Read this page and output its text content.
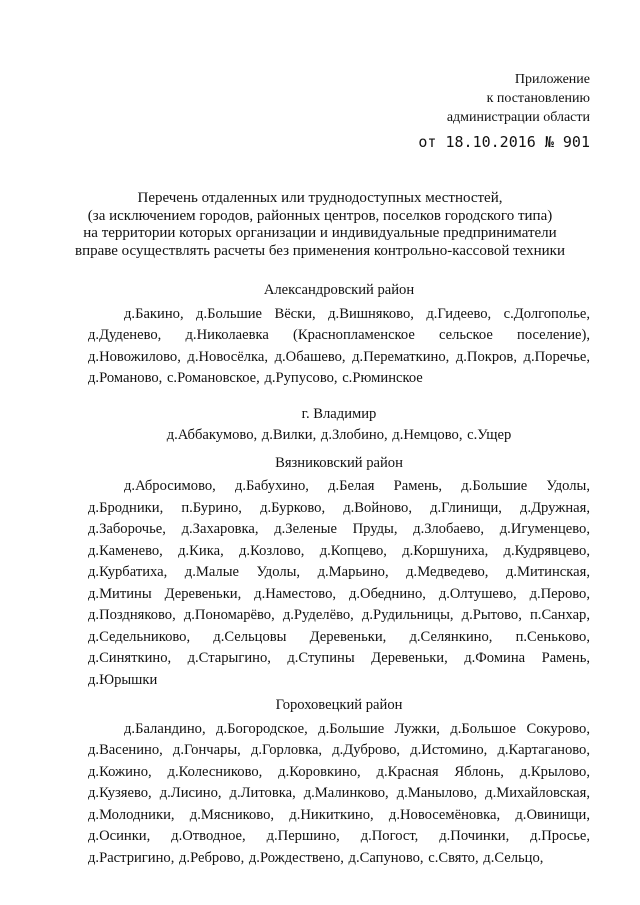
Приложение
к постановлению
администрации области
от 18.10.2016 № 901
Перечень отдаленных или труднодоступных местностей,
(за исключением городов, районных центров, поселков городского типа)
на территории которых организации и индивидуальные предприниматели
вправе осуществлять расчеты без применения контрольно-кассовой техники
Александровский район

д.Бакино, д.Большие Вёски, д.Вишняково, д.Гидеево, с.Долгополье, д.Дуденево, д.Николаевка (Краснопламенское сельское поселение), д.Новожилово, д.Новосёлка, д.Обашево, д.Перематкино, д.Покров, д.Поречье, д.Романово, с.Романовское, д.Рупусово, с.Рюминское

г. Владимир

д.Аббакумово, д.Вилки, д.Злобино, д.Немцово, с.Ущер

Вязниковский район

д.Абросимово, д.Бабухино, д.Белая Рамень, д.Большие Удолы, д.Бродники, п.Бурино, д.Бурково, д.Войново, д.Глинищи, д.Дружная, д.Заборочье, д.Захаровка, д.Зеленые Пруды, д.Злобаево, д.Игуменцево, д.Каменево, д.Кика, д.Козлово, д.Копцево, д.Коршуниха, д.Кудрявцево, д.Курбатиха, д.Малые Удолы, д.Марьино, д.Медведево, д.Митинская, д.Митины Деревеньки, д.Наместово, д.Обеднино, д.Олтушево, д.Перово, д.Поздняково, д.Пономарёво, д.Руделёво, д.Рудильницы, д.Рытово, п.Санхар, д.Седельниково, д.Сельцовы Деревеньки, д.Селянкино, п.Сенькoво, д.Синяткино, д.Старыгино, д.Ступины Деревеньки, д.Фомина Рамень, д.Юрышки

Гороховецкий район

д.Баландино, д.Богородское, д.Большие Лужки, д.Большое Сокурово, д.Васенино, д.Гончары, д.Горловка, д.Дуброво, д.Истомино, д.Картаганово, д.Кожино, д.Колесниково, д.Коровкино, д.Красная Яблонь, д.Крылово, д.Кузяево, д.Лисино, д.Литовка, д.Малинково, д.Манылово, д.Михайловская, д.Молодники, д.Мясниково, д.Никиткино, д.Новосемёновка, д.Овинищи, д.Осинки, д.Отводное, д.Першино, д.Погост, д.Починки, д.Просье, д.Растригино, д.Реброво, д.Рождествено, д.Сапуново, с.Свято, д.Сельцо,
